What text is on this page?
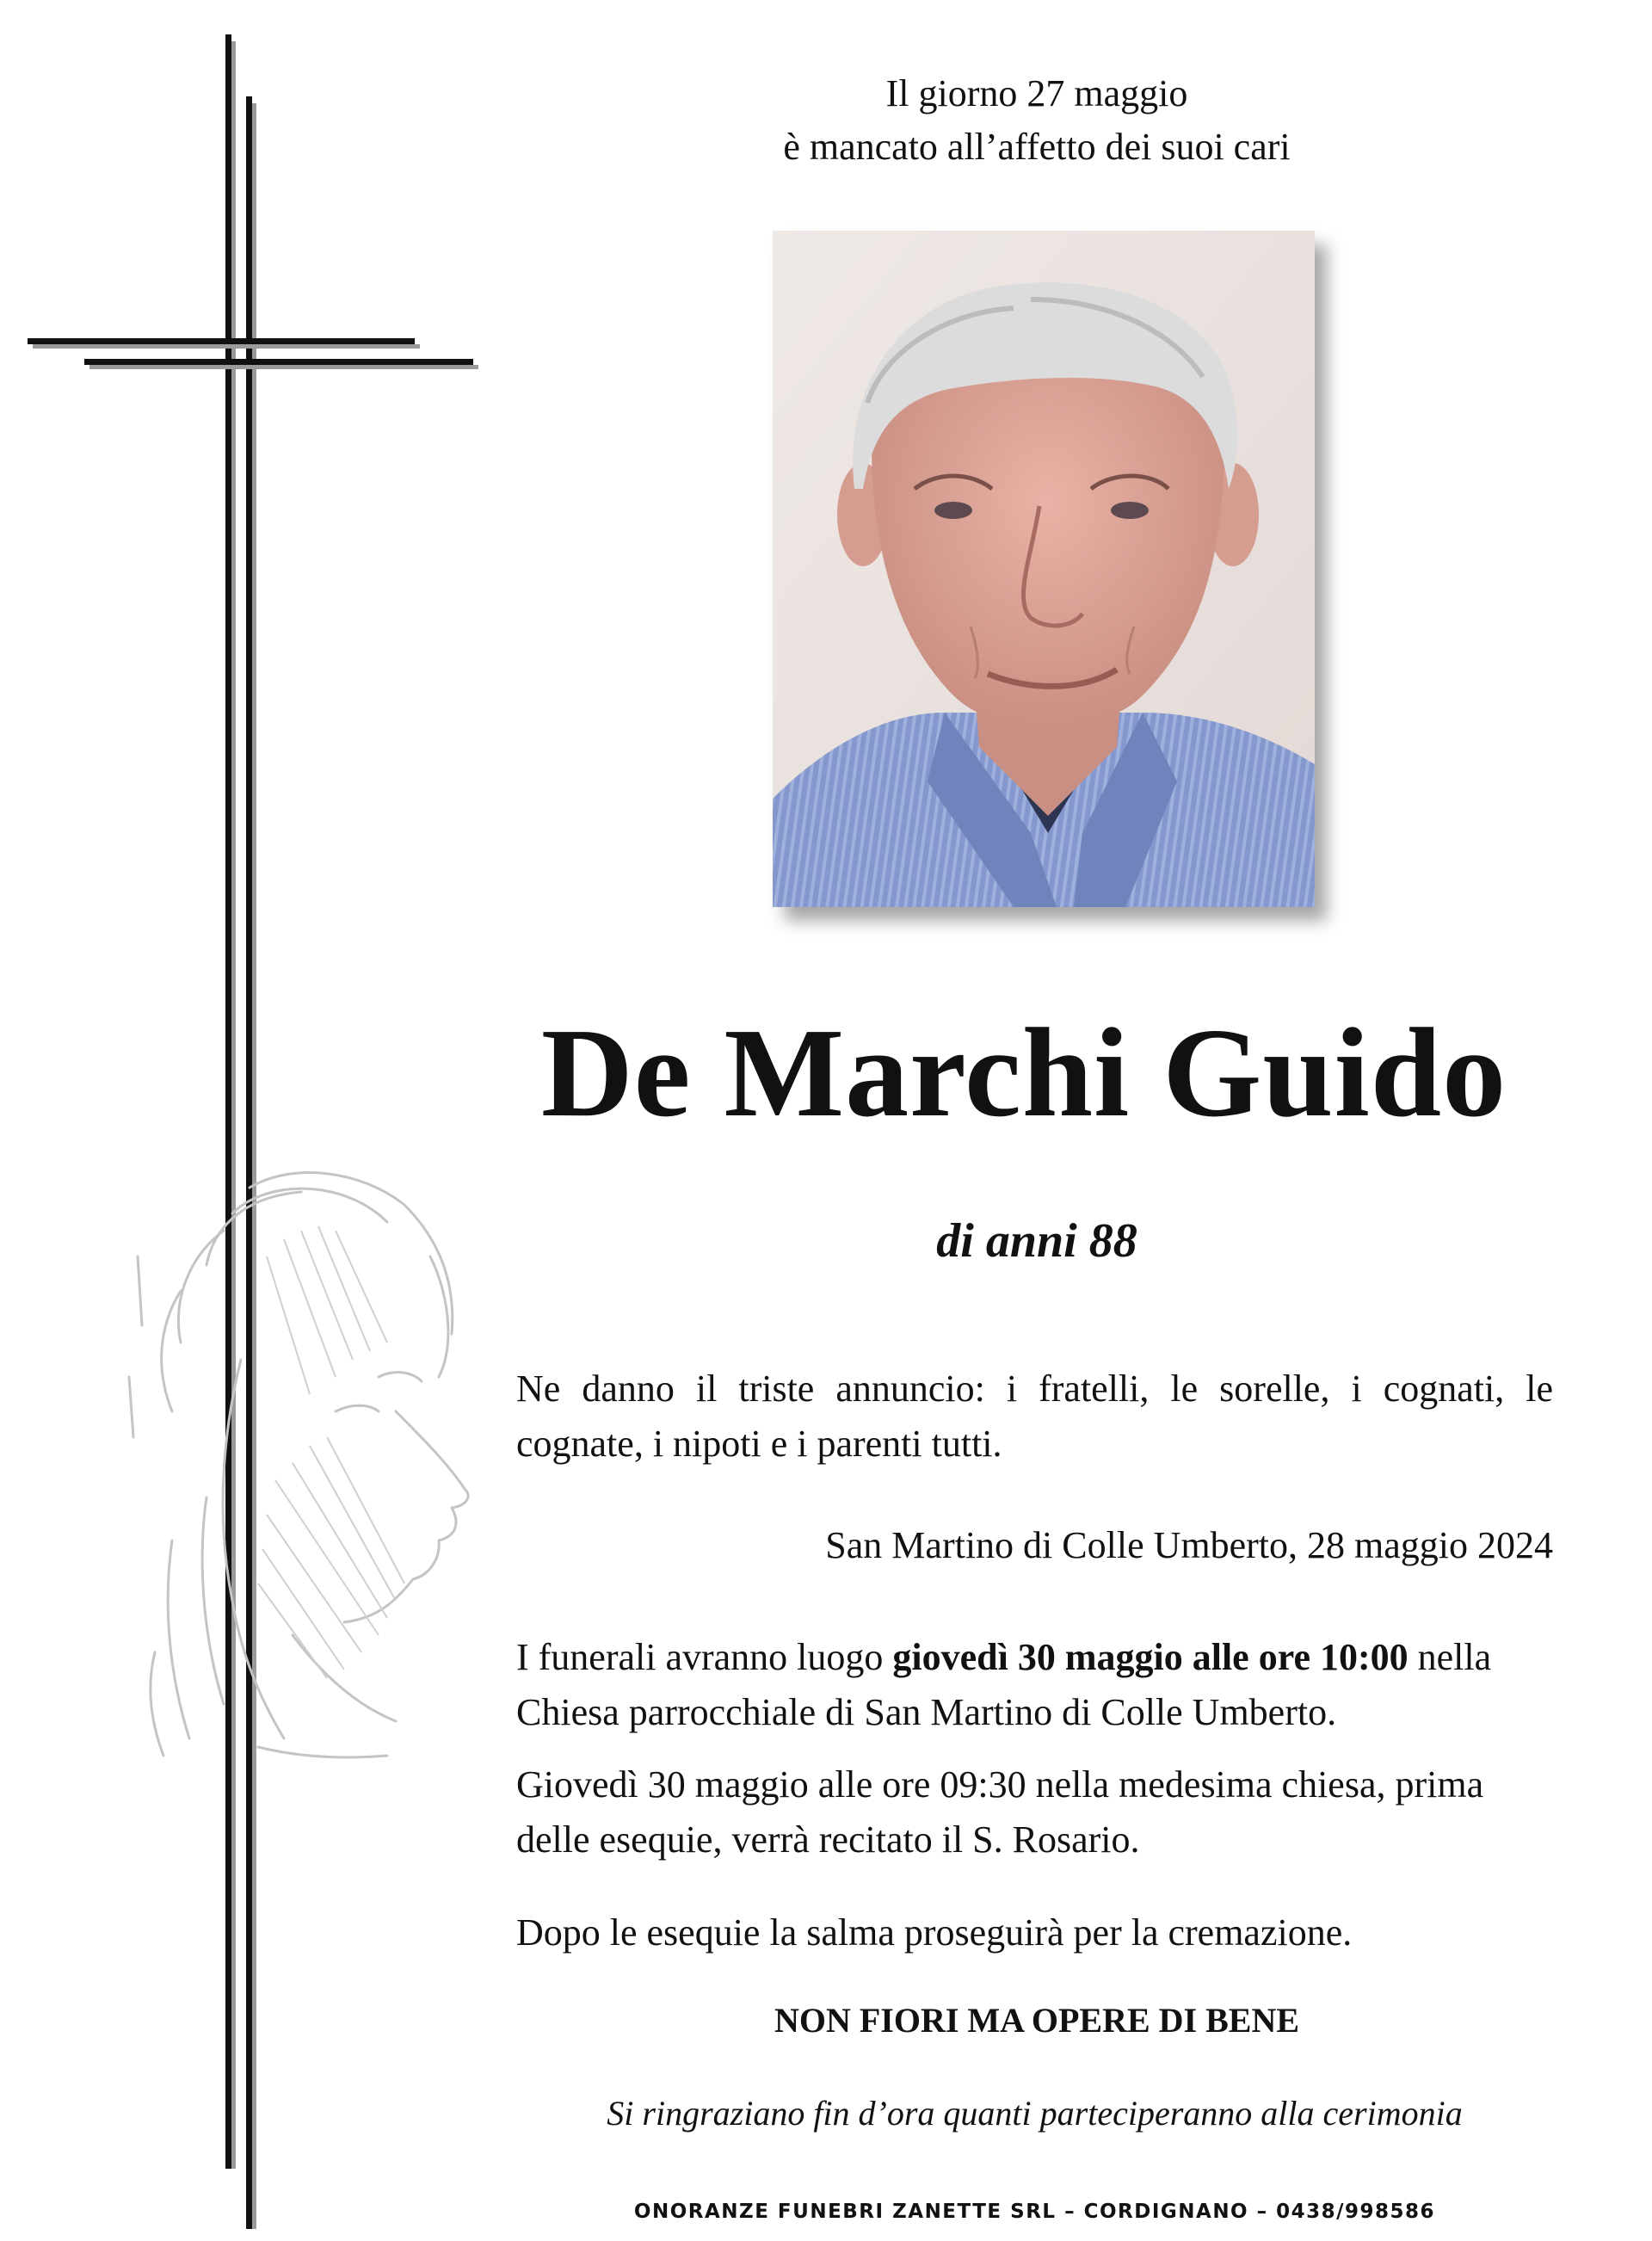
Il giorno 27 maggio
è mancato all’affetto dei suoi cari
De Marchi Guido
di anni 88
Ne danno il triste annuncio: i fratelli, le sorelle, i cognati, le cognate, i nipoti e i parenti tutti.
San Martino di Colle Umberto, 28 maggio 2024
I funerali avranno luogo giovedì 30 maggio alle ore 10:00 nella Chiesa parrocchiale di San Martino di Colle Umberto.
Giovedì 30 maggio alle ore 09:30 nella medesima chiesa, prima delle esequie, verrà recitato il S. Rosario.
Dopo le esequie la salma proseguirà per la cremazione.
NON FIORI MA OPERE DI BENE
Si ringraziano fin d’ora quanti parteciperanno alla cerimonia
ONORANZE FUNEBRI ZANETTE SRL – CORDIGNANO – 0438/998586
